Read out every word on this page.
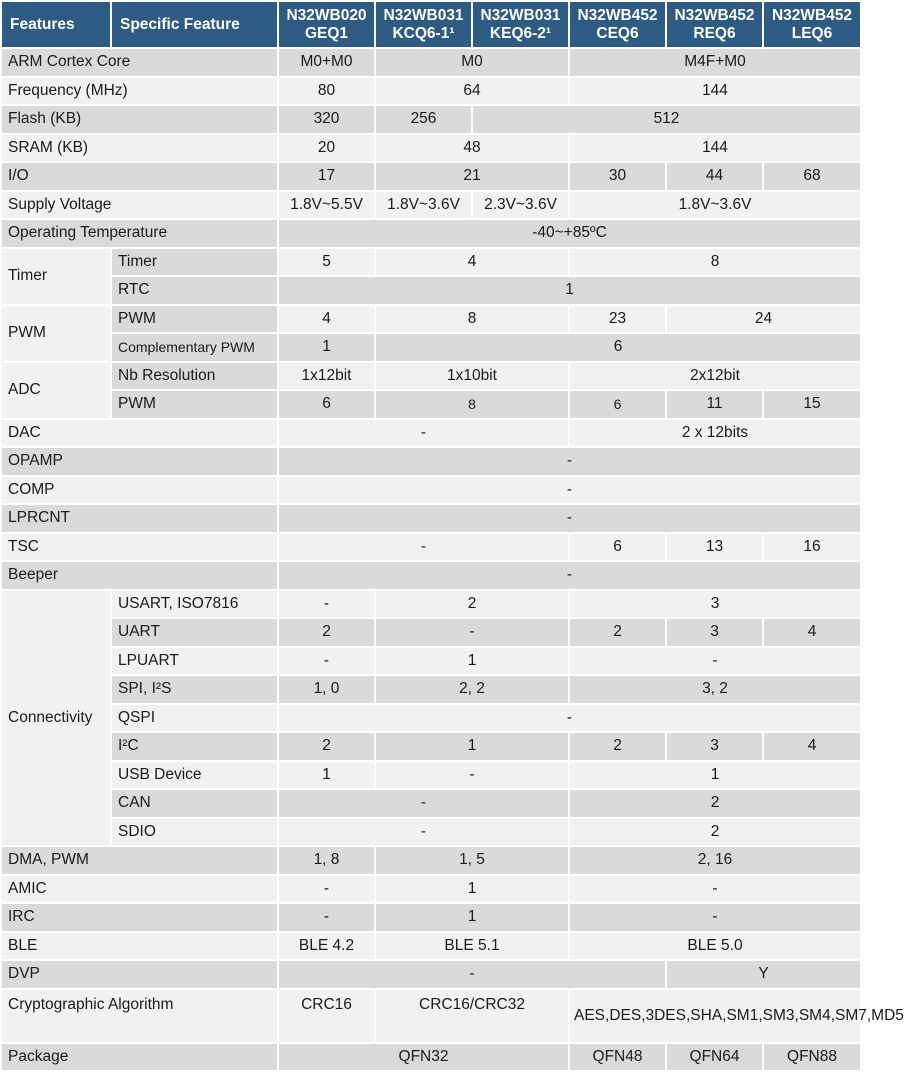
Features	Specific Feature	N32WB020 GEQ1	N32WB031 KCQ6-1¹	N32WB031 KEQ6-2¹	N32WB452 CEQ6	N32WB452 REQ6	N32WB452 LEQ6
ARM Cortex Core		M0+M0	M0		M4F+M0		
Frequency (MHz)		80	64		144		
Flash (KB)		320	256	512			
SRAM (KB)		20	48		144		
I/O		17	21		30	44	68
Supply Voltage		1.8V~5.5V	1.8V~3.6V	2.3V~3.6V	1.8V~3.6V		
Operating Temperature		-40~+85ºC					
Timer	Timer	5	4		8		
	RTC	1					
PWM	PWM	4	8		23	24	
	Complementary PWM	1	6				
ADC	Nb Resolution	1x12bit	1x10bit		2x12bit		
	PWM	6	8		6	11	15
DAC		-			2 x 12bits		
OPAMP		-					
COMP		-					
LPRCNT		-					
TSC		-			6	13	16
Beeper		-					
Connectivity	USART, ISO7816	-	2		3		
	UART	2	-		2	3	4
	LPUART	-	1		-		
	SPI, I²S	1, 0	2, 2		3, 2		
	QSPI	-					
	I²C	2	1		2	3	4
	USB Device	1	-		1		
	CAN	-			2		
	SDIO	-			2		
DMA, PWM		1, 8	1, 5		2, 16		
AMIC		-	1		-		
IRC		-	1		-		
BLE		BLE 4.2	BLE 5.1		BLE 5.0		
DVP		-				Y	
Cryptographic Algorithm		CRC16	CRC16/CRC32		AES,DES,3DES,SHA,SM1,SM3,SM4,SM7,MD5		
Package		QFN32			QFN48	QFN64	QFN88
